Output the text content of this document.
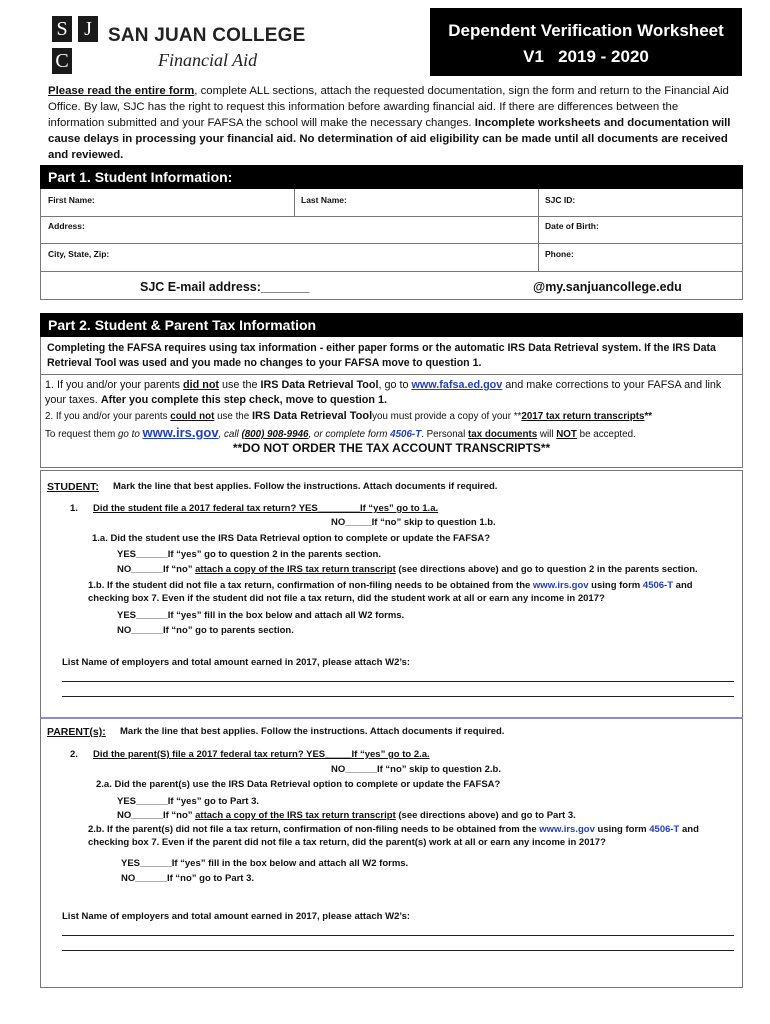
S J
C
SAN JUAN COLLEGE
Financial Aid
Dependent Verification Worksheet
V1   2019 - 2020
Please read the entire form, complete ALL sections, attach the requested documentation, sign the form and return to the Financial Aid Office. By law, SJC has the right to request this information before awarding financial aid. If there are differences between the information submitted and your FAFSA the school will make the necessary changes. Incomplete worksheets and documentation will cause delays in processing your financial aid. No determination of aid eligibility can be made until all documents are received and reviewed.
Part 1. Student Information:
First Name:	Last Name:	SJC ID:
Address:	Date of Birth:
City, State, Zip:	Phone:
SJC E-mail address:_______	@my.sanjuancollege.edu
Part 2. Student & Parent Tax Information
Completing the FAFSA requires using tax information - either paper forms or the automatic IRS Data Retrieval system. If the IRS Data Retrieval Tool was used and you made no changes to your FAFSA move to question 1.
1. If you and/or your parents did not use the IRS Data Retrieval Tool, go to www.fafsa.ed.gov and make corrections to your FAFSA and link your taxes. After you complete this step check, move to question 1.
2. If you and/or your parents could not use the IRS Data Retrieval Toolyou must provide a copy of your **2017 tax return transcripts**
To request them go to www.irs.gov, call (800) 908-9946, or complete form 4506-T. Personal tax documents will NOT be accepted.
**DO NOT ORDER THE TAX ACCOUNT TRANSCRIPTS**
STUDENT: Mark the line that best applies. Follow the instructions. Attach documents if required.
1. Did the student file a 2017 federal tax return? YES________If “yes” go to 1.a.
NO_____If “no” skip to question 1.b.
1.a. Did the student use the IRS Data Retrieval option to complete or update the FAFSA?
YES______If “yes” go to question 2 in the parents section.
NO______If “no” attach a copy of the IRS tax return transcript (see directions above) and go to question 2 in the parents section.
1.b. If the student did not file a tax return, confirmation of non-filing needs to be obtained from the www.irs.gov using form 4506-T and checking box 7. Even if the student did not file a tax return, did the student work at all or earn any income in 2017?
YES______If “yes” fill in the box below and attach all W2 forms.
NO______If “no” go to parents section.
List Name of employers and total amount earned in 2017, please attach W2’s:
PARENT(s): Mark the line that best applies. Follow the instructions. Attach documents if required.
2. Did the parent(S) file a 2017 federal tax return? YES_____If “yes” go to 2.a.
NO______If “no” skip to question 2.b.
2.a. Did the parent(s) use the IRS Data Retrieval option to complete or update the FAFSA?
YES______If “yes” go to Part 3.
NO______If “no” attach a copy of the IRS tax return transcript (see directions above) and go to Part 3.
2.b. If the parent(s) did not file a tax return, confirmation of non-filing needs to be obtained from the www.irs.gov using form 4506-T and checking box 7. Even if the parent did not file a tax return, did the parent(s) work at all or earn any income in 2017?
YES______If “yes” fill in the box below and attach all W2 forms.
NO______If “no” go to Part 3.
List Name of employers and total amount earned in 2017, please attach W2’s:
